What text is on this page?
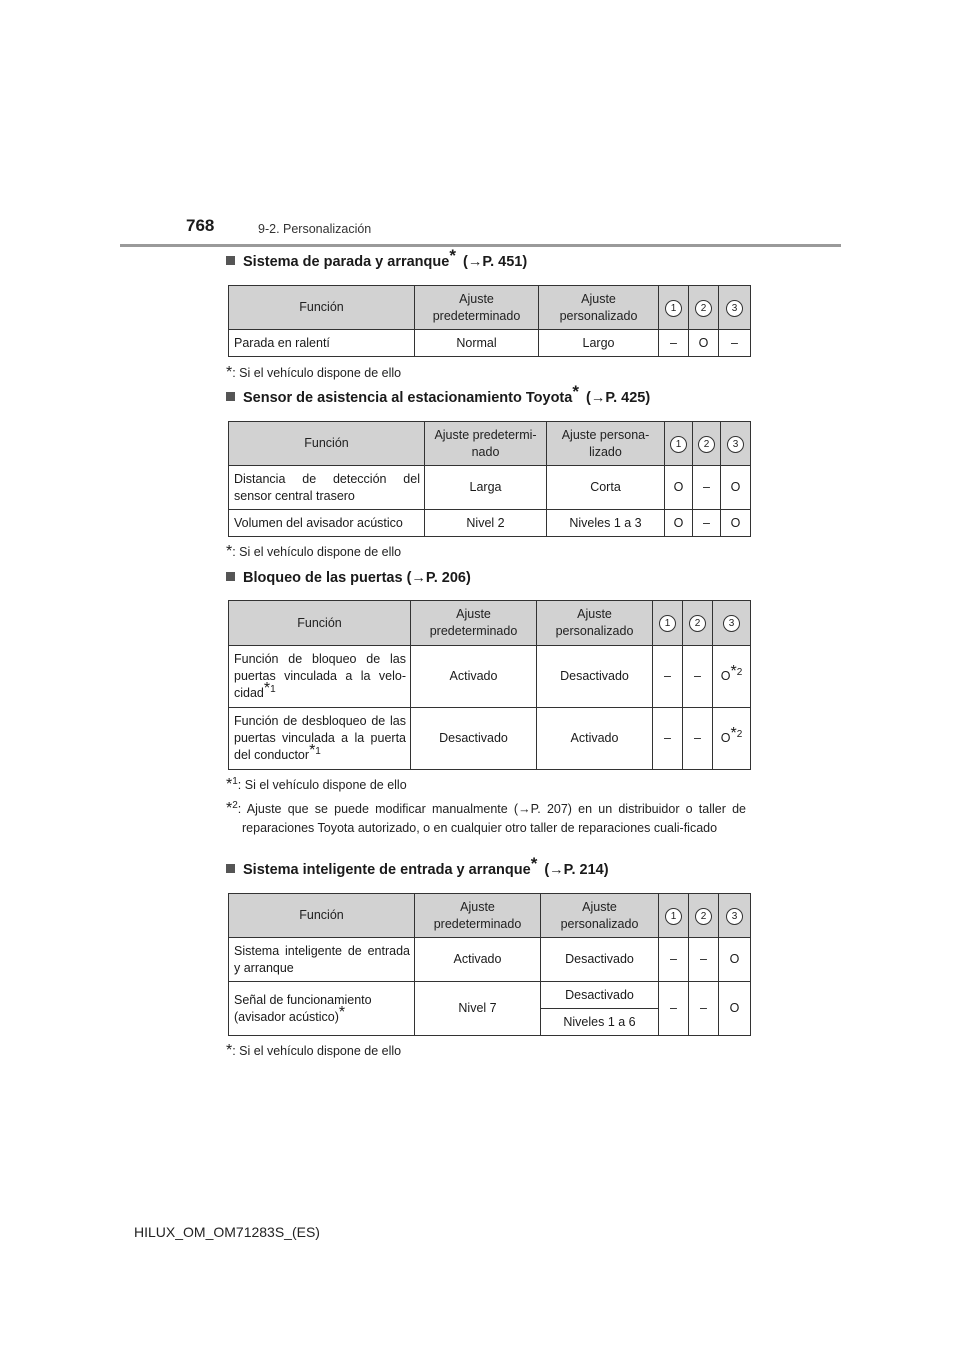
768	9-2. Personalización
Sistema de parada y arranque* (→P. 451)
Función	Ajuste predeterminado	Ajuste personalizado	1	2	3
Parada en ralentí	Normal	Largo	–	O	–
*: Si el vehículo dispone de ello
Sensor de asistencia al estacionamiento Toyota* (→P. 425)
Función	Ajuste predetermi-nado	Ajuste persona-lizado	1	2	3
Distancia de detección del sensor central trasero	Larga	Corta	O	–	O
Volumen del avisador acústico	Nivel 2	Niveles 1 a 3	O	–	O
*: Si el vehículo dispone de ello
Bloqueo de las puertas (→P. 206)
Función	Ajuste predeterminado	Ajuste personalizado	1	2	3
Función de bloqueo de las puertas vinculada a la velo-cidad*$^1$	Activado	Desactivado	–	–	O*$^2$
Función de desbloqueo de las puertas vinculada a la puerta del conductor*$^1$	Desactivado	Activado	–	–	O*$^2$
*$^1$: Si el vehículo dispone de ello
*$^2$: Ajuste que se puede modificar manualmente (→P. 207) en un distribuidor o taller de reparaciones Toyota autorizado, o en cualquier otro taller de reparaciones cuali-ficado
Sistema inteligente de entrada y arranque* (→P. 214)
Función	Ajuste predeterminado	Ajuste personalizado	1	2	3
Sistema inteligente de entrada y arranque	Activado	Desactivado	–	–	O
Señal de funcionamiento (avisador acústico)*	Nivel 7	Desactivado	–	–	O
		Niveles 1 a 6			
*: Si el vehículo dispone de ello
HILUX_OM_OM71283S_(ES)
